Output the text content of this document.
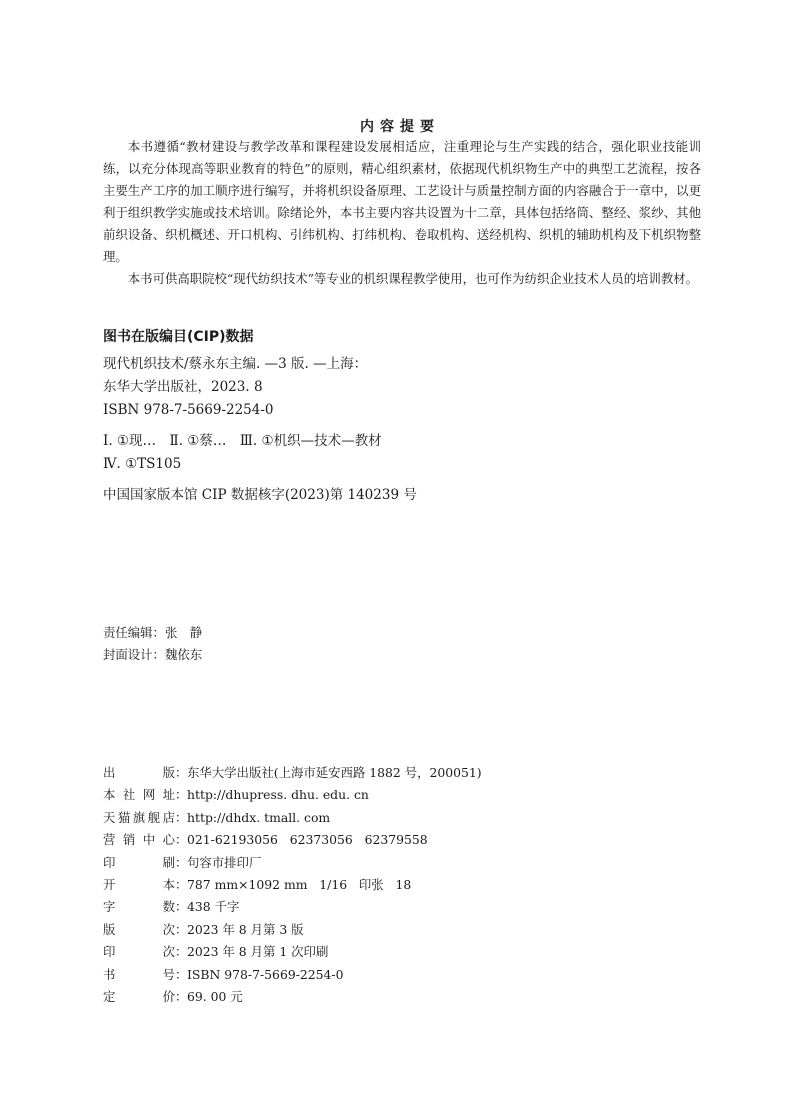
内容提要

本书遵循“教材建设与教学改革和课程建设发展相适应，注重理论与生产实践的结合，强化职业技能训练，以充分体现高等职业教育的特色”的原则，精心组织素材，依据现代机织物生产中的典型工艺流程，按各主要生产工序的加工顺序进行编写，并将机织设备原理、工艺设计与质量控制方面的内容融合于一章中，以更利于组织教学实施或技术培训。除绪论外，本书主要内容共设置为十二章，具体包括络筒、整经、浆纱、其他前织设备、织机概述、开口机构、引纬机构、打纬机构、卷取机构、送经机构、织机的辅助机构及下机织物整理。

本书可供高职院校“现代纺织技术”等专业的机织课程教学使用，也可作为纺织企业技术人员的培训教材。

图书在版编目(CIP)数据
现代机织技术/蔡永东主编. —3 版. —上海：
东华大学出版社，2023. 8
ISBN 978-7-5669-2254-0
Ⅰ. ①现…　Ⅱ. ①蔡…　Ⅲ. ①机织—技术—教材
Ⅳ. ①TS105
中国国家版本馆 CIP 数据核字(2023)第 140239 号
责任编辑：张　静
封面设计：魏依东
出	版 ： 东华大学出版社(上海市延安西路 1882 号，200051)
本 社 网 址 ： http://dhupress. dhu. edu. cn
天 猫 旗 舰 店 ： http://dhdx. tmall. com
营 销 中 心 ： 021-62193056   62373056   62379558
印	刷 ： 句容市排印厂
开	本 ： 787 mm×1092 mm   1/16   印张   18
字	数 ： 438 千字
版	次 ： 2023 年 8 月第 3 版
印	次 ： 2023 年 8 月第 1 次印刷
书	号 ： ISBN 978-7-5669-2254-0
定	价 ： 69. 00 元
